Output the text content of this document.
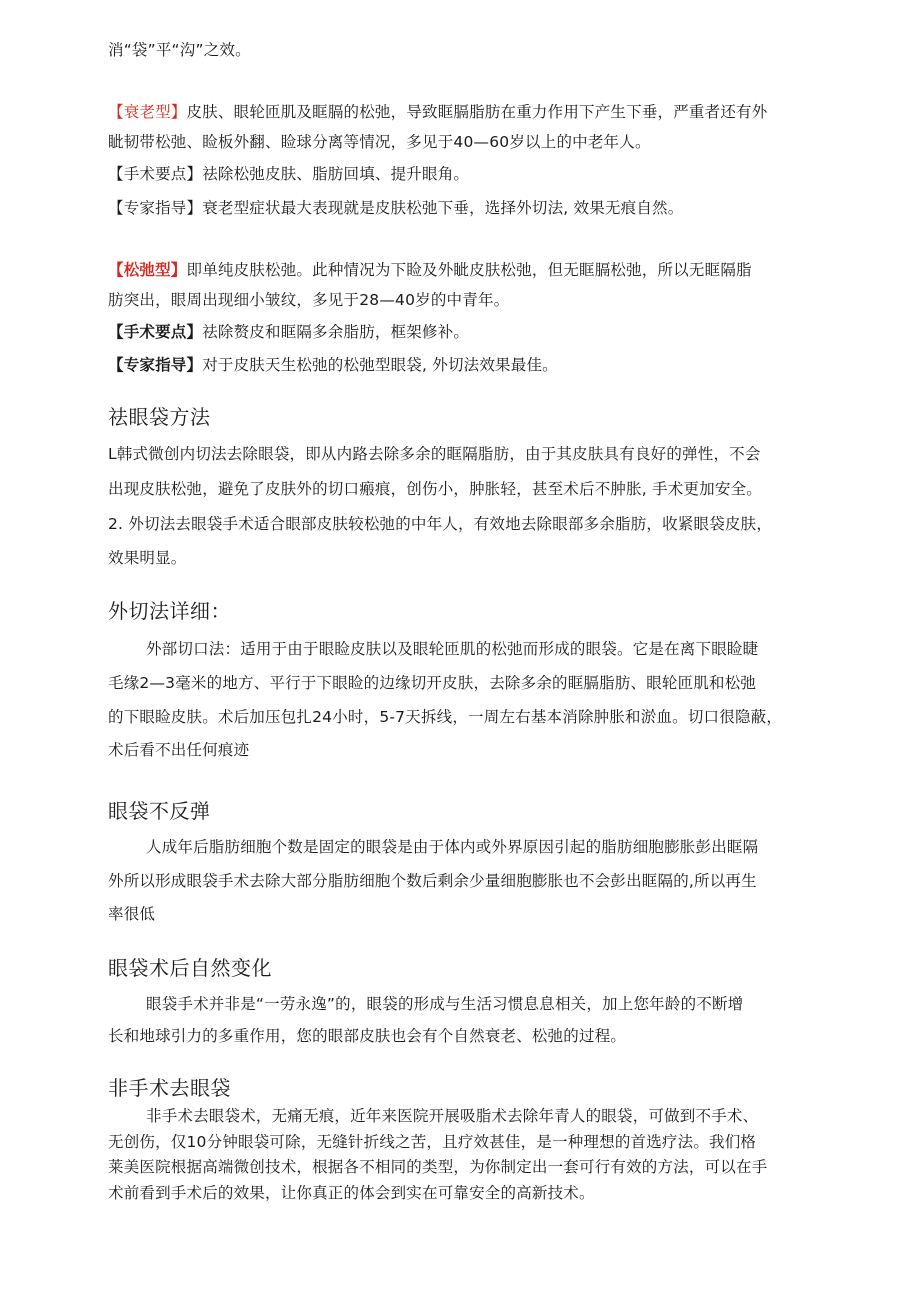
消“袋”平“沟”之效。
【衰老型】皮肤、眼轮匝肌及眶膈的松弛，导致眶膈脂肪在重力作用下产生下垂，严重者还有外
眦韧带松弛、睑板外翻、睑球分离等情况，多见于40—60岁以上的中老年人。
【手术要点】祛除松弛皮肤、脂肪回填、提升眼角。
【专家指导】衰老型症状最大表现就是皮肤松弛下垂，选择外切法, 效果无痕自然。
【松弛型】即单纯皮肤松弛。此种情况为下睑及外眦皮肤松弛，但无眶膈松弛，所以无眶隔脂
肪突出，眼周出现细小皱纹，多见于28—40岁的中青年。
【手术要点】祛除赘皮和眶隔多余脂肪，框架修补。
【专家指导】对于皮肤天生松弛的松弛型眼袋, 外切法效果最佳。
祛眼袋方法
L韩式微创内切法去除眼袋，即从内路去除多余的眶隔脂肪，由于其皮肤具有良好的弹性，不会
出现皮肤松弛，避免了皮肤外的切口瘢痕，创伤小，肿胀轻，甚至术后不肿胀, 手术更加安全。
2. 外切法去眼袋手术适合眼部皮肤较松弛的中年人，有效地去除眼部多余脂肪，收紧眼袋皮肤，
效果明显。
外切法详细：
外部切口法：适用于由于眼睑皮肤以及眼轮匝肌的松弛而形成的眼袋。它是在离下眼睑睫
毛缘2—3毫米的地方、平行于下眼睑的边缘切开皮肤，去除多余的眶膈脂肪、眼轮匝肌和松弛
的下眼睑皮肤。术后加压包扎24小时，5-7天拆线，一周左右基本消除肿胀和淤血。切口很隐蔽，
术后看不出任何痕迹
眼袋不反弹
人成年后脂肪细胞个数是固定的眼袋是由于体内或外界原因引起的脂肪细胞膨胀彭出眶隔
外所以形成眼袋手术去除大部分脂肪细胞个数后剩余少量细胞膨胀也不会彭出眶隔的,所以再生
率很低
眼袋术后自然变化
眼袋手术并非是“一劳永逸”的，眼袋的形成与生活习惯息息相关，加上您年龄的不断增
长和地球引力的多重作用，您的眼部皮肤也会有个自然衰老、松弛的过程。
非手术去眼袋
非手术去眼袋术，无痛无痕，近年来医院开展吸脂术去除年青人的眼袋，可做到不手术、
无创伤，仅10分钟眼袋可除，无缝针折线之苦，且疗效甚佳，是一种理想的首选疗法。我们格
莱美医院根据高端微创技术，根据各不相同的类型，为你制定出一套可行有效的方法，可以在手
术前看到手术后的效果，让你真正的体会到实在可靠安全的高新技术。
